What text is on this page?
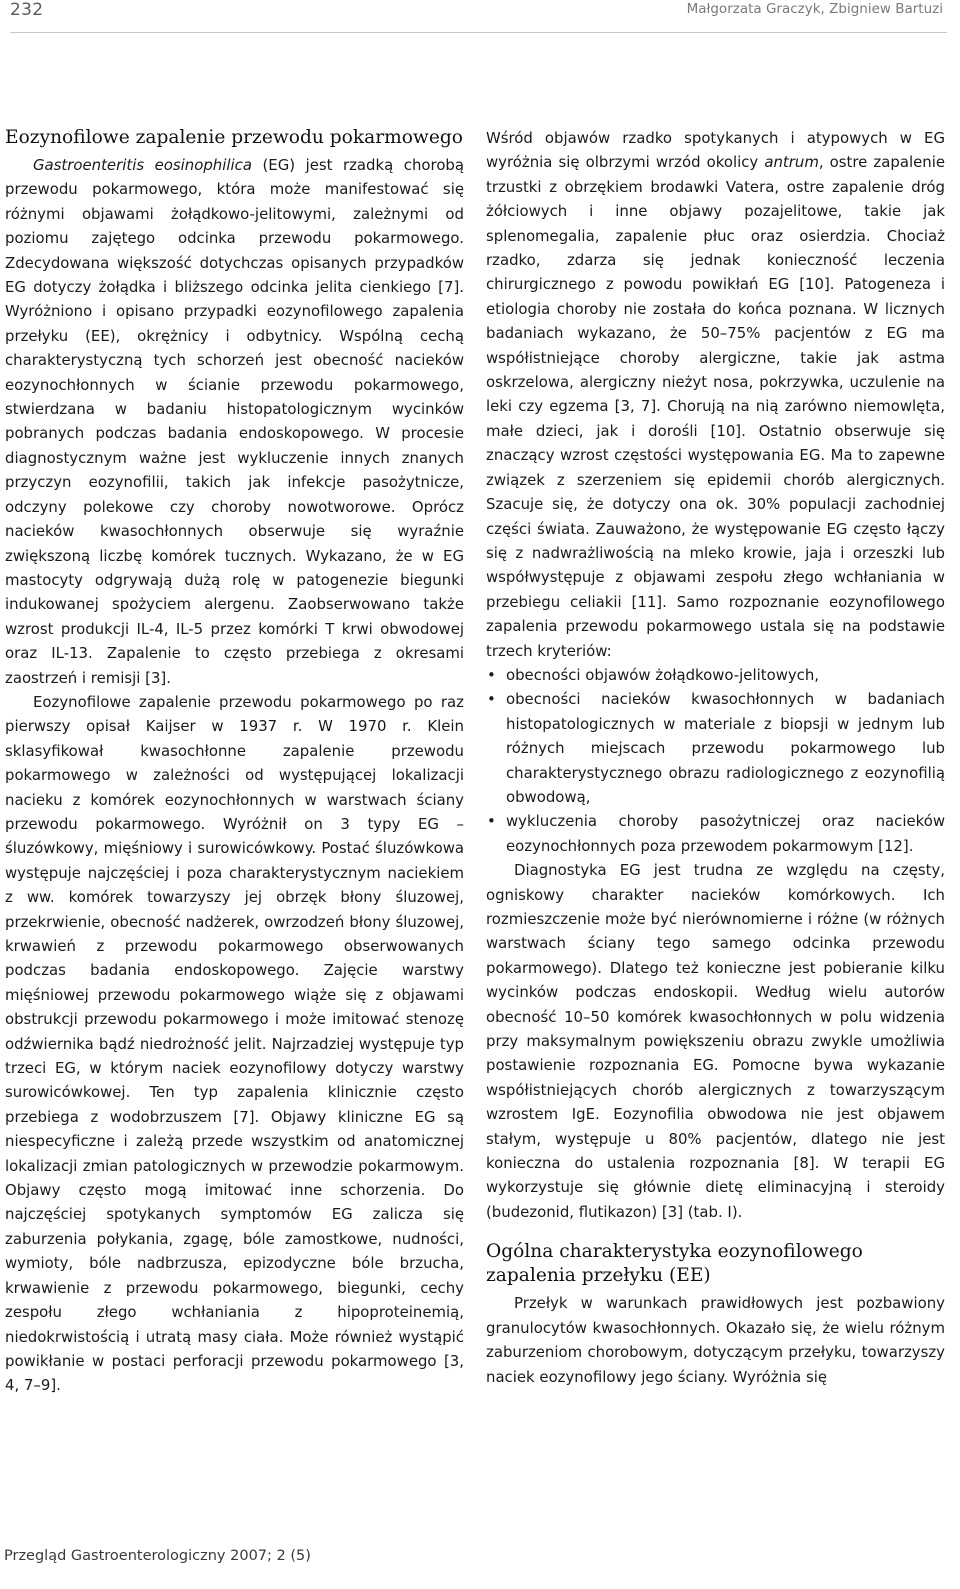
232	Małgorzata Graczyk, Zbigniew Bartuzi
Eozynofilowe zapalenie przewodu pokarmowego

Gastroenteritis eosinophilica (EG) jest rzadką chorobą przewodu pokarmowego, która może manifestować się różnymi objawami żołądkowo-jelitowymi, zależnymi od poziomu zajętego odcinka przewodu pokarmowego. Zdecydowana większość dotychczas opisanych przypadków EG dotyczy żołądka i bliższego odcinka jelita cienkiego [7]. Wyróżniono i opisano przypadki eozynofilowego zapalenia przełyku (EE), okrężnicy i odbytnicy. Wspólną cechą charakterystyczną tych schorzeń jest obecność nacieków eozynochłonnych w ścianie przewodu pokarmowego, stwierdzana w badaniu histopatologicznym wycinków pobranych podczas badania endoskopowego. W procesie diagnostycznym ważne jest wykluczenie innych znanych przyczyn eozynofilii, takich jak infekcje pasożytnicze, odczyny polekowe czy choroby nowotworowe. Oprócz nacieków kwasochłonnych obserwuje się wyraźnie zwiększoną liczbę komórek tucznych. Wykazano, że w EG mastocyty odgrywają dużą rolę w patogenezie biegunki indukowanej spożyciem alergenu. Zaobserwowano także wzrost produkcji IL-4, IL-5 przez komórki T krwi obwodowej oraz IL-13. Zapalenie to często przebiega z okresami zaostrzeń i remisji [3].

Eozynofilowe zapalenie przewodu pokarmowego po raz pierwszy opisał Kaijser w 1937 r. W 1970 r. Klein sklasyfikował kwasochłonne zapalenie przewodu pokarmowego w zależności od występującej lokalizacji nacieku z komórek eozynochłonnych w warstwach ściany przewodu pokarmowego. Wyróżnił on 3 typy EG – śluzówkowy, mięśniowy i surowicówkowy. Postać śluzówkowa występuje najczęściej i poza charakterystycznym naciekiem z ww. komórek towarzyszy jej obrzęk błony śluzowej, przekrwienie, obecność nadżerek, owrzodzeń błony śluzowej, krwawień z przewodu pokarmowego obserwowanych podczas badania endoskopowego. Zajęcie warstwy mięśniowej przewodu pokarmowego wiąże się z objawami obstrukcji przewodu pokarmowego i może imitować stenozę odźwiernika bądź niedrożność jelit. Najrzadziej występuje typ trzeci EG, w którym naciek eozynofilowy dotyczy warstwy surowicówkowej. Ten typ zapalenia klinicznie często przebiega z wodobrzuszem [7]. Objawy kliniczne EG są niespecyficzne i zależą przede wszystkim od anatomicznej lokalizacji zmian patologicznych w przewodzie pokarmowym. Objawy często mogą imitować inne schorzenia. Do najczęściej spotykanych symptomów EG zalicza się zaburzenia połykania, zgagę, bóle zamostkowe, nudności, wymioty, bóle nadbrzusza, epizodyczne bóle brzucha, krwawienie z przewodu pokarmowego, biegunki, cechy zespołu złego wchłaniania z hipoproteinemią, niedokrwistością i utratą masy ciała. Może również wystąpić powikłanie w postaci perforacji przewodu pokarmowego [3, 4, 7–9].

Wśród objawów rzadko spotykanych i atypowych w EG wyróżnia się olbrzymi wrzód okolicy antrum, ostre zapalenie trzustki z obrzękiem brodawki Vatera, ostre zapalenie dróg żółciowych i inne objawy pozajelitowe, takie jak splenomegalia, zapalenie płuc oraz osierdzia. Chociaż rzadko, zdarza się jednak konieczność leczenia chirurgicznego z powodu powikłań EG [10]. Patogeneza i etiologia choroby nie została do końca poznana. W licznych badaniach wykazano, że 50–75% pacjentów z EG ma współistniejące choroby alergiczne, takie jak astma oskrzelowa, alergiczny nieżyt nosa, pokrzywka, uczulenie na leki czy egzema [3, 7]. Chorują na nią zarówno niemowlęta, małe dzieci, jak i dorośli [10]. Ostatnio obserwuje się znaczący wzrost częstości występowania EG. Ma to zapewne związek z szerzeniem się epidemii chorób alergicznych. Szacuje się, że dotyczy ona ok. 30% populacji zachodniej części świata. Zauważono, że występowanie EG często łączy się z nadwrażliwością na mleko krowie, jaja i orzeszki lub współwystępuje z objawami zespołu złego wchłaniania w przebiegu celiakii [11]. Samo rozpoznanie eozynofilowego zapalenia przewodu pokarmowego ustala się na podstawie trzech kryteriów:

• obecności objawów żołądkowo-jelitowych,
• obecności nacieków kwasochłonnych w badaniach histopatologicznych w materiale z biopsji w jednym lub różnych miejscach przewodu pokarmowego lub charakterystycznego obrazu radiologicznego z eozynofilią obwodową,
• wykluczenia choroby pasożytniczej oraz nacieków eozynochłonnych poza przewodem pokarmowym [12].

Diagnostyka EG jest trudna ze względu na częsty, ogniskowy charakter nacieków komórkowych. Ich rozmieszczenie może być nierównomierne i różne (w różnych warstwach ściany tego samego odcinka przewodu pokarmowego). Dlatego też konieczne jest pobieranie kilku wycinków podczas endoskopii. Według wielu autorów obecność 10–50 komórek kwasochłonnych w polu widzenia przy maksymalnym powiększeniu obrazu zwykle umożliwia postawienie rozpoznania EG. Pomocne bywa wykazanie współistniejących chorób alergicznych z towarzyszącym wzrostem IgE. Eozynofilia obwodowa nie jest objawem stałym, występuje u 80% pacjentów, dlatego nie jest konieczna do ustalenia rozpoznania [8]. W terapii EG wykorzystuje się głównie dietę eliminacyjną i steroidy (budezonid, flutikazon) [3] (tab. I).

Ogólna charakterystyka eozynofilowego zapalenia przełyku (EE)

Przełyk w warunkach prawidłowych jest pozbawiony granulocytów kwasochłonnych. Okazało się, że wielu różnym zaburzeniom chorobowym, dotyczącym przełyku, towarzyszy naciek eozynofilowy jego ściany. Wyróżnia się

Przegląd Gastroenterologiczny 2007; 2 (5)
